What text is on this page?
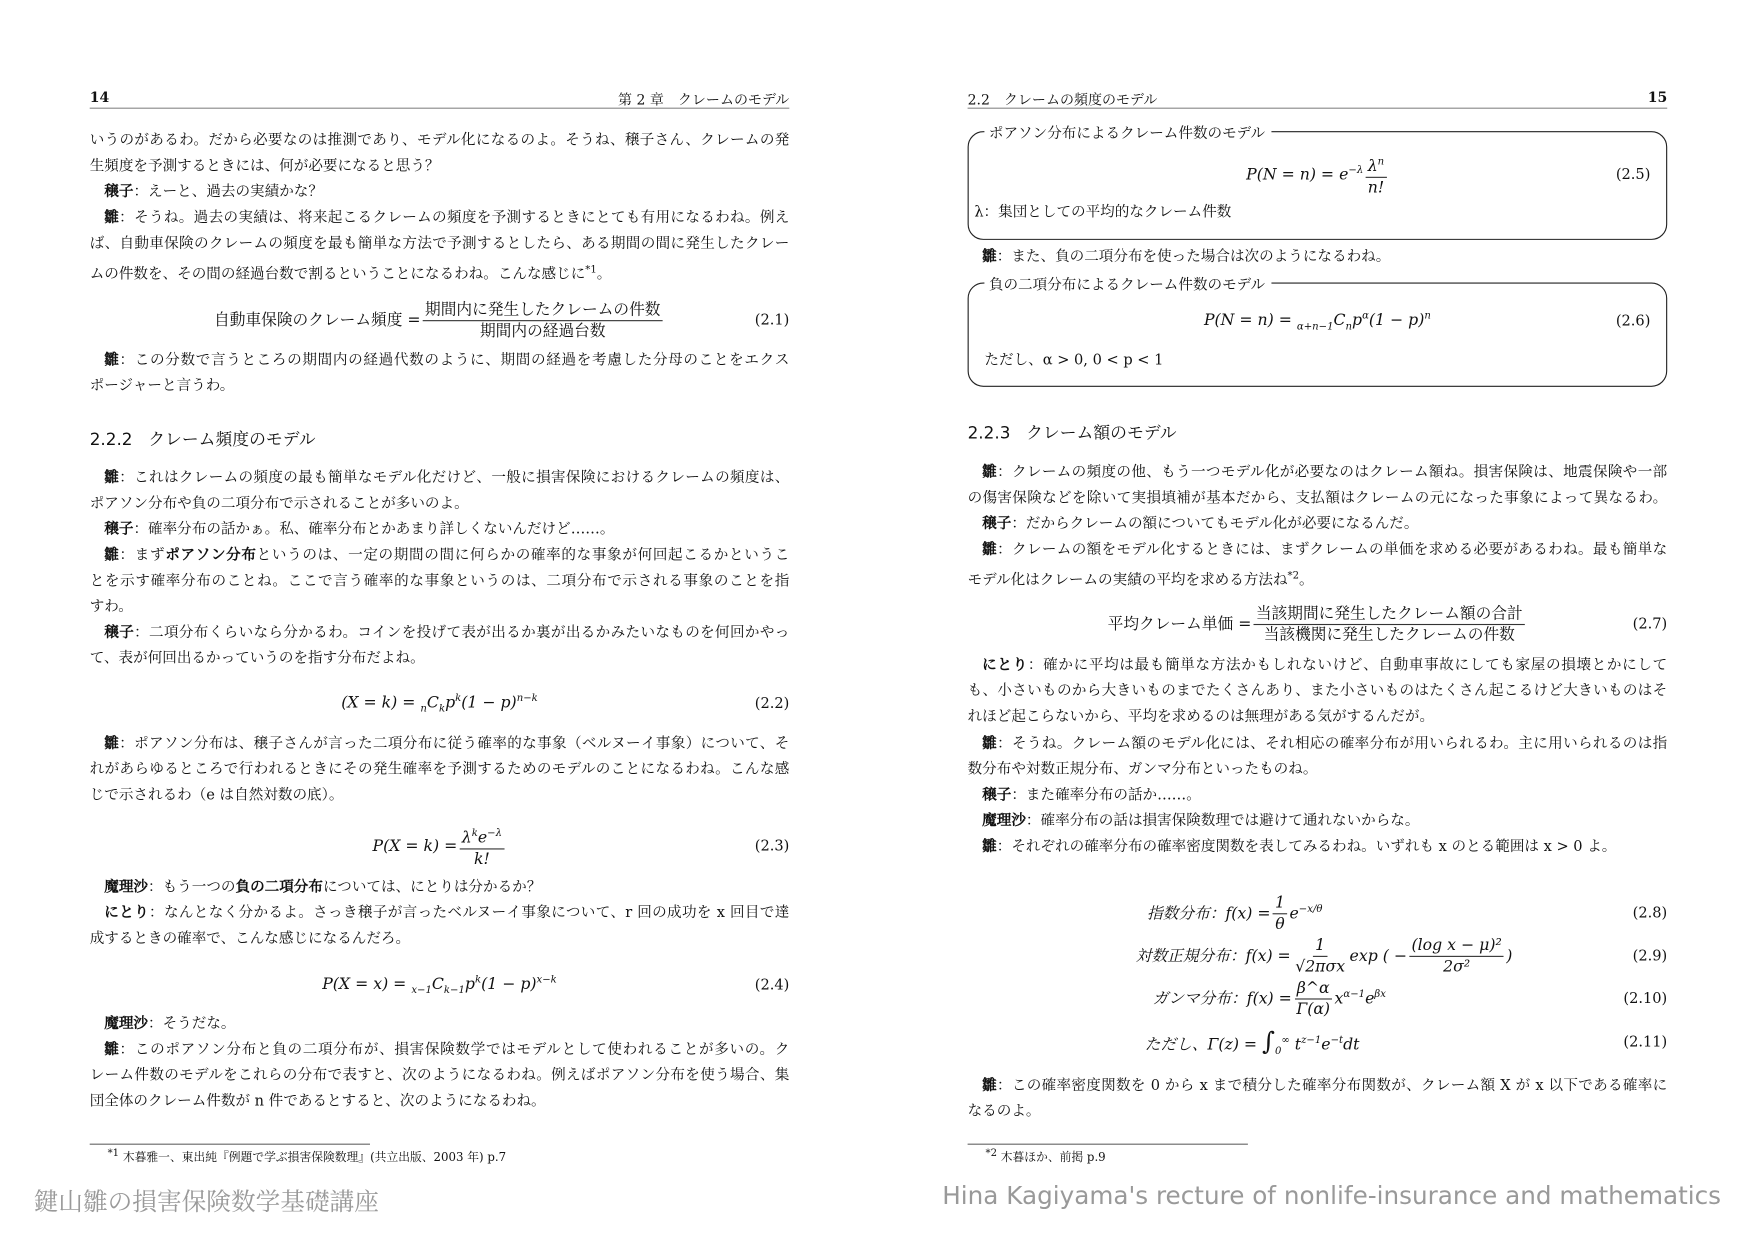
14	第 2 章　クレームのモデル
いうのがあるわ。だから必要なのは推測であり、モデル化になるのよ。そうね、穣子さん、クレームの発
生頻度を予測するときには、何が必要になると思う？
穣子：えーと、過去の実績かな？
雛：そうね。過去の実績は、将来起こるクレームの頻度を予測するときにとても有用になるわね。例え
ば、自動車保険のクレームの頻度を最も簡単な方法で予測するとしたら、ある期間の間に発生したクレー
ムの件数を、その間の経過台数で割るということになるわね。こんな感じに$^{*1}$。
自動車保険のクレーム頻度 =
期間内に発生したクレームの件数
期間内の経過台数
(2.1)
雛：この分数で言うところの期間内の経過代数のように、期間の経過を考慮した分母のことをエクス
ポージャーと言うわ。
2.2.2 クレーム頻度のモデル
雛：これはクレームの頻度の最も簡単なモデル化だけど、一般に損害保険におけるクレームの頻度は、
ポアソン分布や負の二項分布で示されることが多いのよ。
穣子：確率分布の話かぁ。私、確率分布とかあまり詳しくないんだけど……。
雛：まずポアソン分布というのは、一定の期間の間に何らかの確率的な事象が何回起こるかというこ
とを示す確率分布のことね。ここで言う確率的な事象というのは、二項分布で示される事象のことを指
すわ。
穣子：二項分布くらいなら分かるわ。コインを投げて表が出るか裏が出るかみたいなものを何回かやっ
て、表が何回出るかっていうのを指す分布だよね。
$(X = k) = _nC_kp^k(1 - p)^{n-k}$	(2.2)
雛：ポアソン分布は、穣子さんが言った二項分布に従う確率的な事象（ベルヌーイ事象）について、そ
れがあらゆるところで行われるときにその発生確率を予測するためのモデルのことになるわね。こんな感
じで示されるわ（e は自然対数の底）。
$P(X = k) = \lambda^ke^{-\lambda}$
k!
(2.3)
魔理沙：もう一つの負の二項分布については、にとりは分かるか？
にとり：なんとなく分かるよ。さっき穣子が言ったベルヌーイ事象について、r 回の成功を x 回目で達
成するときの確率で、こんな感じになるんだろ。
$P(X = x) = _{x-1}C_{k-1}p^k(1 - p)^{x-k}$	(2.4)
魔理沙：そうだな。
雛：このポアソン分布と負の二項分布が、損害保険数学ではモデルとして使われることが多いの。ク
レーム件数のモデルをこれらの分布で表すと、次のようになるわね。例えばポアソン分布を使う場合、集
団全体のクレーム件数が n 件であるとすると、次のようになるわね。
$^{*1}$ 木暮雅一、東出純『例題で学ぶ損害保険数理』(共立出版、2003 年) p.7
鍵山雛の損害保険数学基礎講座
2.2　クレームの頻度のモデル	15
ポアソン分布によるクレーム件数のモデル
$P(N = n) = e^{-\lambda} \frac{\lambda^n}{n!}$	(2.5)
λ：集団としての平均的なクレーム件数
雛：また、負の二項分布を使った場合は次のようになるわね。
負の二項分布によるクレーム件数のモデル
$P(N = n) = _{\alpha+n-1}C_np^\alpha(1 - p)^n$	(2.6)
ただし、α > 0, 0 < p < 1
2.2.3 クレーム額のモデル
雛：クレームの頻度の他、もう一つモデル化が必要なのはクレーム額ね。損害保険は、地震保険や一部
の傷害保険などを除いて実損填補が基本だから、支払額はクレームの元になった事象によって異なるわ。
穣子：だからクレームの額についてもモデル化が必要になるんだ。
雛：クレームの額をモデル化するときには、まずクレームの単価を求める必要があるわね。最も簡単な
モデル化はクレームの実績の平均を求める方法ね$^{*2}$。
平均クレーム単価 =
当該期間に発生したクレーム額の合計
当該機関に発生したクレームの件数
(2.7)
にとり：確かに平均は最も簡単な方法かもしれないけど、自動車事故にしても家屋の損壊とかにして
も、小さいものから大きいものまでたくさんあり、また小さいものはたくさん起こるけど大きいものはそ
れほど起こらないから、平均を求めるのは無理がある気がするんだが。
雛：そうね。クレーム額のモデル化には、それ相応の確率分布が用いられるわ。主に用いられるのは指
数分布や対数正規分布、ガンマ分布といったものね。
穣子：また確率分布の話か……。
魔理沙：確率分布の話は損害保険数理では避けて通れないからな。
雛：それぞれの確率分布の確率密度関数を表してみるわね。いずれも x のとる範囲は x > 0 よ。
指数分布：$f(x) = \frac{1}{\theta} e^{-x/\theta}$	(2.8)
対数正規分布：f(x) =
1
√2πσx
exp ( − $\frac{\text{(log x − μ)²}}{\text{2σ²}}$ )	(2.9)
ガンマ分布：$f(x) = \frac{\beta\^{}\alpha}{\Gamma(\alpha)} x^{\alpha-1}e^{\beta x}$	(2.10)
ただし、$\Gamma(z) = \int_0^\infty$ $t^{z-1}e^{-t}dt$	(2.11)
雛：この確率密度関数を 0 から x まで積分した確率分布関数が、クレーム額 X が x 以下である確率に
なるのよ。
$^{*2}$ 木暮ほか、前掲 p.9
Hina Kagiyama's recture of nonlife-insurance and mathematics
